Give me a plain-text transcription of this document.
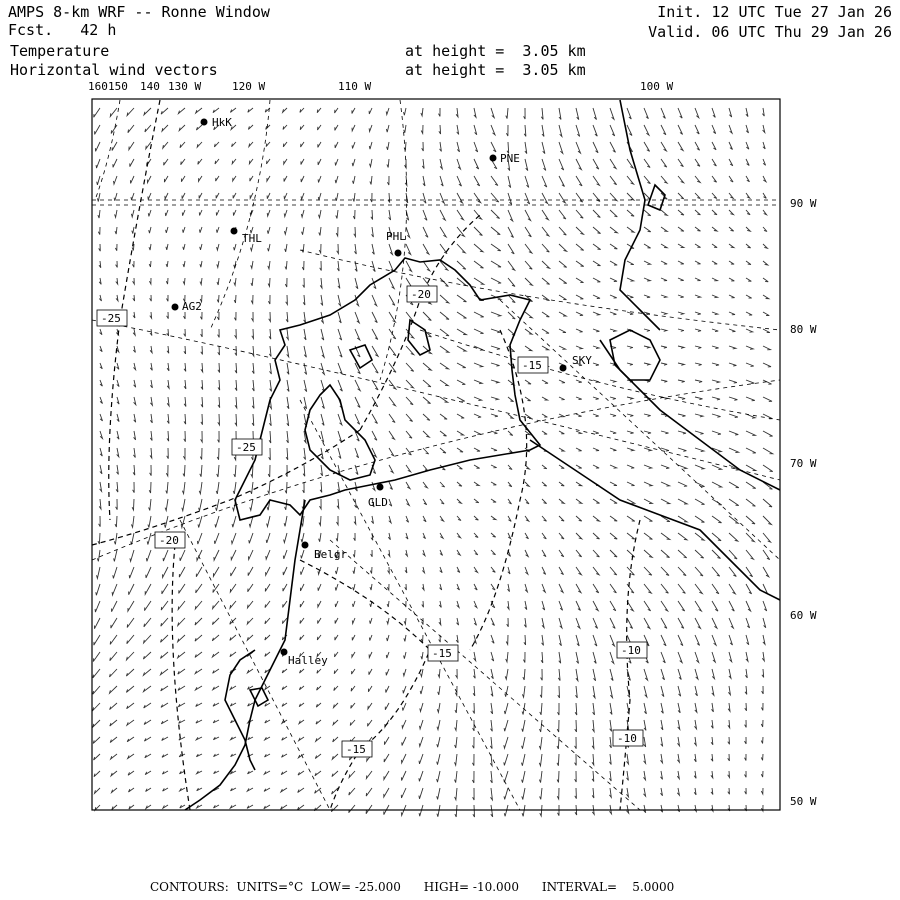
AMPS 8-km WRF -- Ronne Window
Fcst. 42 h
Temperature
Horizontal wind vectors
at height =  3.05 km
at height =  3.05 km
Init. 12 UTC Tue 27 Jan 26
Valid. 06 UTC Thu 29 Jan 26
160 150 140 130 W	120 W	110 W	100 W
90 W
80 W
70 W
60 W
50 W
HkK
PNE
THL	PHL
AG2
SKY
GLD
Belgr
Halley
-25
-20
-15
-20
-25
-15	-10
-15
-10
CONTOURS:  UNITS=°C  LOW= -25.000      HIGH= -10.000      INTERVAL=    5.0000
